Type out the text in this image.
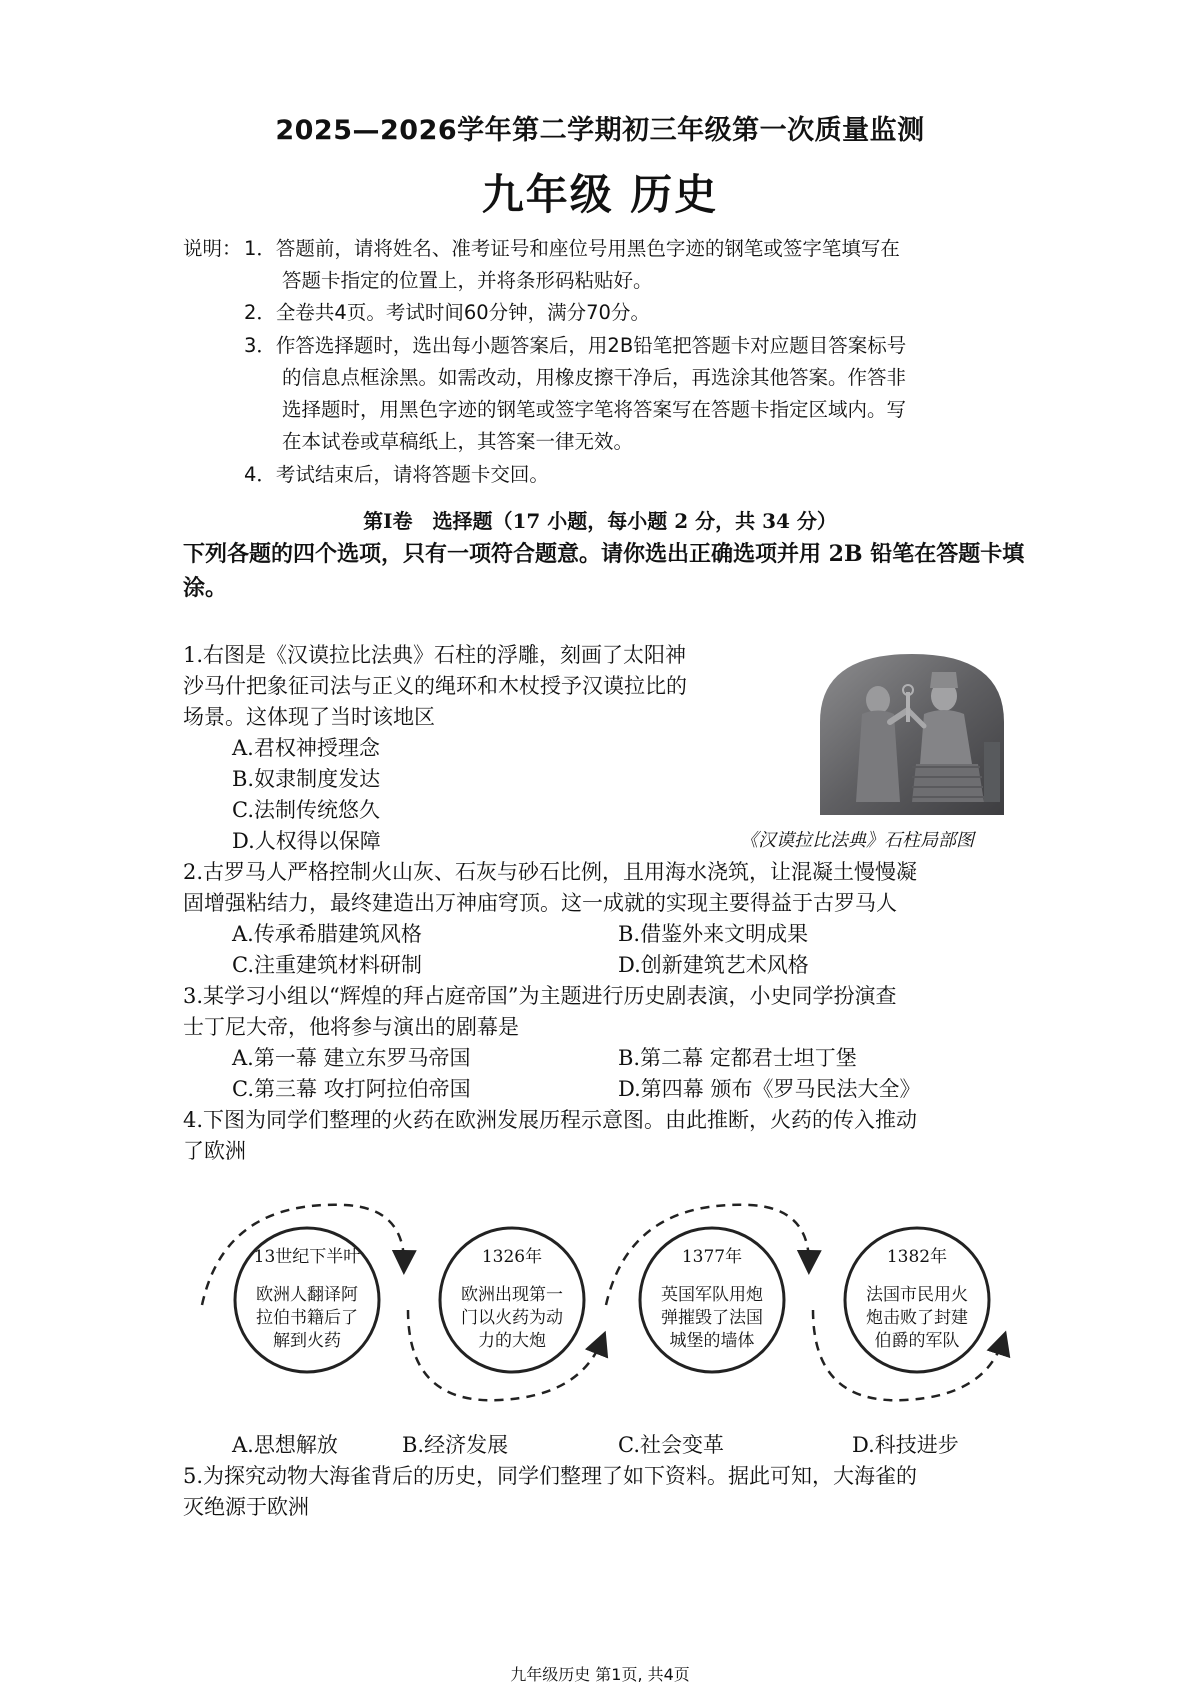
2025—2026学年第二学期初三年级第一次质量监测
九年级 历史
说明： 1．答题前，请将姓名、准考证号和座位号用黑色字迹的钢笔或签字笔填写在
答题卡指定的位置上，并将条形码粘贴好。
2．全卷共4页。考试时间60分钟，满分70分。
3．作答选择题时，选出每小题答案后，用2B铅笔把答题卡对应题目答案标号
的信息点框涂黑。如需改动，用橡皮擦干净后，再选涂其他答案。作答非
选择题时，用黑色字迹的钢笔或签字笔将答案写在答题卡指定区域内。写
在本试卷或草稿纸上，其答案一律无效。
4．考试结束后，请将答题卡交回。
第Ⅰ卷　选择题（17 小题，每小题 2 分，共 34 分）
下列各题的四个选项，只有一项符合题意。请你选出正确选项并用 2B 铅笔在答题卡填涂。
1.右图是《汉谟拉比法典》石柱的浮雕，刻画了太阳神
沙马什把象征司法与正义的绳环和木杖授予汉谟拉比的
场景。这体现了当时该地区
A.君权神授理念
B.奴隶制度发达
C.法制传统悠久
D.人权得以保障	《汉谟拉比法典》石柱局部图
2.古罗马人严格控制火山灰、石灰与砂石比例，且用海水浇筑，让混凝土慢慢凝
固增强粘结力，最终建造出万神庙穹顶。这一成就的实现主要得益于古罗马人
A.传承希腊建筑风格	B.借鉴外来文明成果
C.注重建筑材料研制	D.创新建筑艺术风格
3.某学习小组以“辉煌的拜占庭帝国”为主题进行历史剧表演，小史同学扮演查
士丁尼大帝，他将参与演出的剧幕是
A.第一幕 建立东罗马帝国	B.第二幕 定都君士坦丁堡
C.第三幕 攻打阿拉伯帝国	D.第四幕 颁布《罗马民法大全》
4.下图为同学们整理的火药在欧洲发展历程示意图。由此推断，火药的传入推动
了欧洲
13世纪下半叶
欧洲人翻译阿
拉伯书籍后了
解到火药
1326年
欧洲出现第一
门以火药为动
力的大炮
1377年
英国军队用炮
弹摧毁了法国
城堡的墙体
1382年
法国市民用火
炮击败了封建
伯爵的军队
A.思想解放	B.经济发展	C.社会变革	D.科技进步
5.为探究动物大海雀背后的历史，同学们整理了如下资料。据此可知，大海雀的
灭绝源于欧洲
九年级历史 第1页, 共4页
